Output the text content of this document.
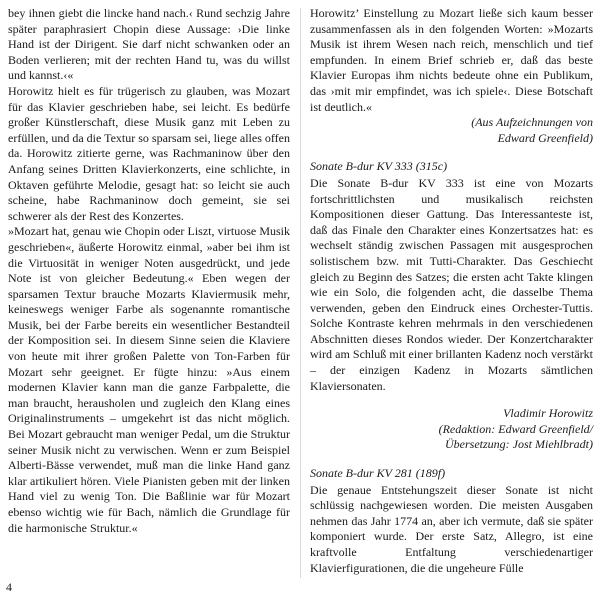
bey ihnen giebt die lincke hand nach.‹ Rund sechzig Jahre später paraphrasiert Chopin diese Aussage: ›Die linke Hand ist der Dirigent. Sie darf nicht schwanken oder an Boden verlieren; mit der rechten Hand tu, was du willst und kannst.‹«

Horowitz hielt es für trügerisch zu glauben, was Mozart für das Klavier geschrieben habe, sei leicht. Es bedürfe großer Künstlerschaft, diese Musik ganz mit Leben zu erfüllen, und da die Textur so sparsam sei, liege alles offen da. Horowitz zitierte gerne, was Rachmaninow über den Anfang seines Dritten Klavierkonzerts, eine schlichte, in Oktaven geführte Melodie, gesagt hat: so leicht sie auch scheine, habe Rachmaninow doch gemeint, sie sei schwerer als der Rest des Konzertes.

»Mozart hat, genau wie Chopin oder Liszt, virtuose Musik geschrieben«, äußerte Horowitz einmal, »aber bei ihm ist die Virtuosität in weniger Noten ausgedrückt, und jede Note ist von gleicher Bedeutung.« Eben wegen der sparsamen Textur brauche Mozarts Klaviermusik mehr, keineswegs weniger Farbe als sogenannte romantische Musik, bei der Farbe bereits ein wesentlicher Bestandteil der Komposition sei. In diesem Sinne seien die Klaviere von heute mit ihrer großen Palette von Ton-Farben für Mozart sehr geeignet. Er fügte hinzu: »Aus einem modernen Klavier kann man die ganze Farbpalette, die man braucht, herausholen und zugleich den Klang eines Originalinstruments – umgekehrt ist das nicht möglich. Bei Mozart gebraucht man weniger Pedal, um die Struktur seiner Musik nicht zu verwischen. Wenn er zum Beispiel Alberti-Bässe verwendet, muß man die linke Hand ganz klar artikuliert hören. Viele Pianisten geben mit der linken Hand viel zu wenig Ton. Die Baßlinie war für Mozart ebenso wichtig wie für Bach, nämlich die Grundlage für die harmonische Struktur.«

Horowitz’ Einstellung zu Mozart ließe sich kaum besser zusammenfassen als in den folgenden Worten: »Mozarts Musik ist ihrem Wesen nach reich, menschlich und tief empfunden. In einem Brief schrieb er, daß das beste Klavier Europas ihm nichts bedeute ohne ein Publikum, das ›mit mir empfindet, was ich spiele‹. Diese Botschaft ist deutlich.«

(Aus Aufzeichnungen von

Edward Greenfield)

Sonate B-dur KV 333 (315c)

Die Sonate B-dur KV 333 ist eine von Mozarts fortschrittlichsten und musikalisch reichsten Kompositionen dieser Gattung. Das Interessanteste ist, daß das Finale den Charakter eines Konzertsatzes hat: es wechselt ständig zwischen Passagen mit ausgesprochen solistischem bzw. mit Tutti-Charakter. Das Geschiecht gleich zu Beginn des Satzes; die ersten acht Takte klingen wie ein Solo, die folgenden acht, die dasselbe Thema verwenden, geben den Eindruck eines Orchester-Tuttis. Solche Kontraste kehren mehrmals in den verschiedenen Abschnitten dieses Rondos wieder. Der Konzertcharakter wird am Schluß mit einer brillanten Kadenz noch verstärkt – der einzigen Kadenz in Mozarts sämtlichen Klaviersonaten.

Vladimir Horowitz

(Redaktion: Edward Greenfield/

Übersetzung: Jost Miehlbradt)

Sonate B-dur KV 281 (189f)

Die genaue Entstehungszeit dieser Sonate ist nicht schlüssig nachgewiesen worden. Die meisten Ausgaben nehmen das Jahr 1774 an, aber ich vermute, daß sie später komponiert wurde. Der erste Satz, Allegro, ist eine kraftvolle Entfaltung verschiedenartiger Klavierfigurationen, die die ungeheure Fülle

4
